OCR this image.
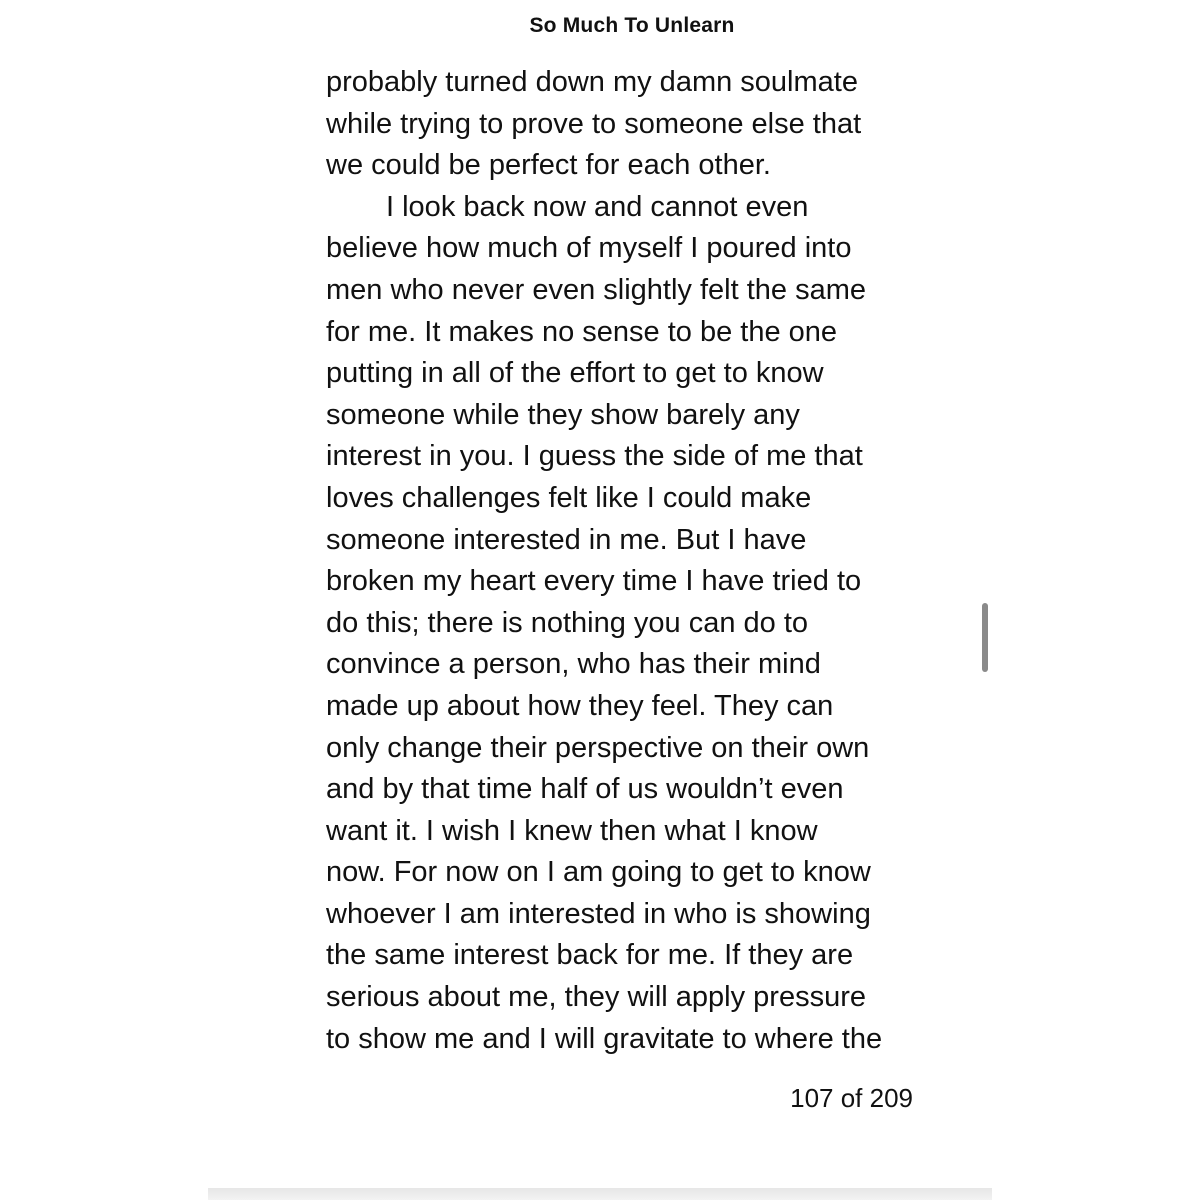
So Much To Unlearn
probably turned down my damn soulmate
while trying to prove to someone else that
we could be perfect for each other.
I look back now and cannot even
believe how much of myself I poured into
men who never even slightly felt the same
for me. It makes no sense to be the one
putting in all of the effort to get to know
someone while they show barely any
interest in you. I guess the side of me that
loves challenges felt like I could make
someone interested in me. But I have
broken my heart every time I have tried to
do this; there is nothing you can do to
convince a person, who has their mind
made up about how they feel. They can
only change their perspective on their own
and by that time half of us wouldn’t even
want it. I wish I knew then what I know
now. For now on I am going to get to know
whoever I am interested in who is showing
the same interest back for me. If they are
serious about me, they will apply pressure
to show me and I will gravitate to where the
107 of 209
